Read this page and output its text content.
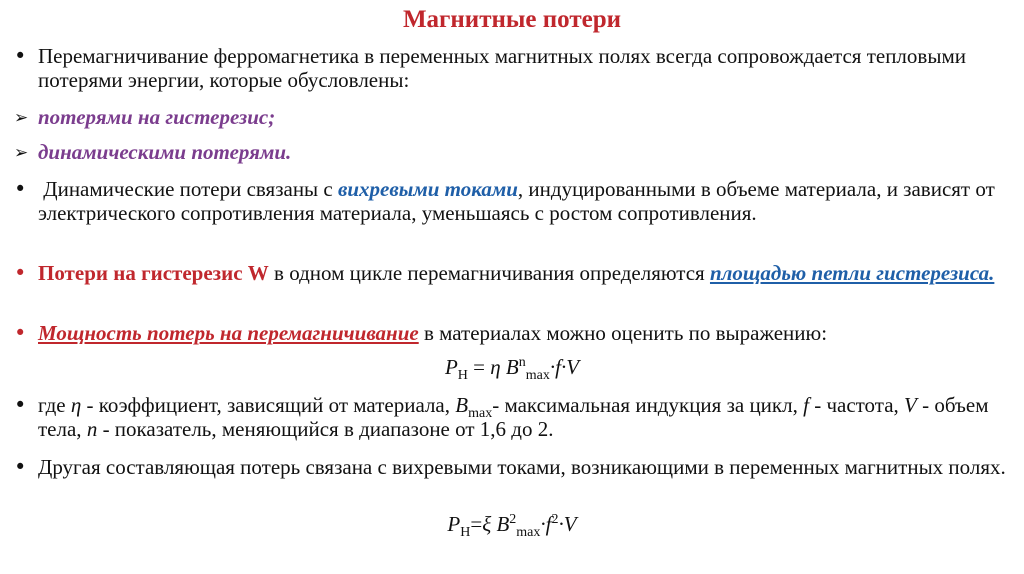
Магнитные потери
• Перемагничивание ферромагнетика в переменных магнитных полях всегда сопровождается тепловыми потерями энергии, которые обусловлены:
➢ потерями на гистерезис;
➢ динамическими потерями.
• Динамические потери связаны с вихревыми токами, индуцированными в объеме материала, и зависят от электрического сопротивления материала, уменьшаясь с ростом сопротивления.
• Потери на гистерезис W в одном цикле перемагничивания определяются площадью петли гистерезиса.
• Мощность потерь на перемагничивание в материалах можно оценить по выражению:
$P_H = \eta$ $B^n_{max}\cdot f\cdot V$
• где η - коэффициент, зависящий от материала, $B_{max}-$ максимальная индукция за цикл, f - частота, V - объем тела, n - показатель, меняющийся в диапазоне от 1,6 до 2.
• Другая составляющая потерь связана с вихревыми токами, возникающими в переменных магнитных полях.
$P_H=\xi$ $B^2_{max}\cdot f^2\cdot V$
